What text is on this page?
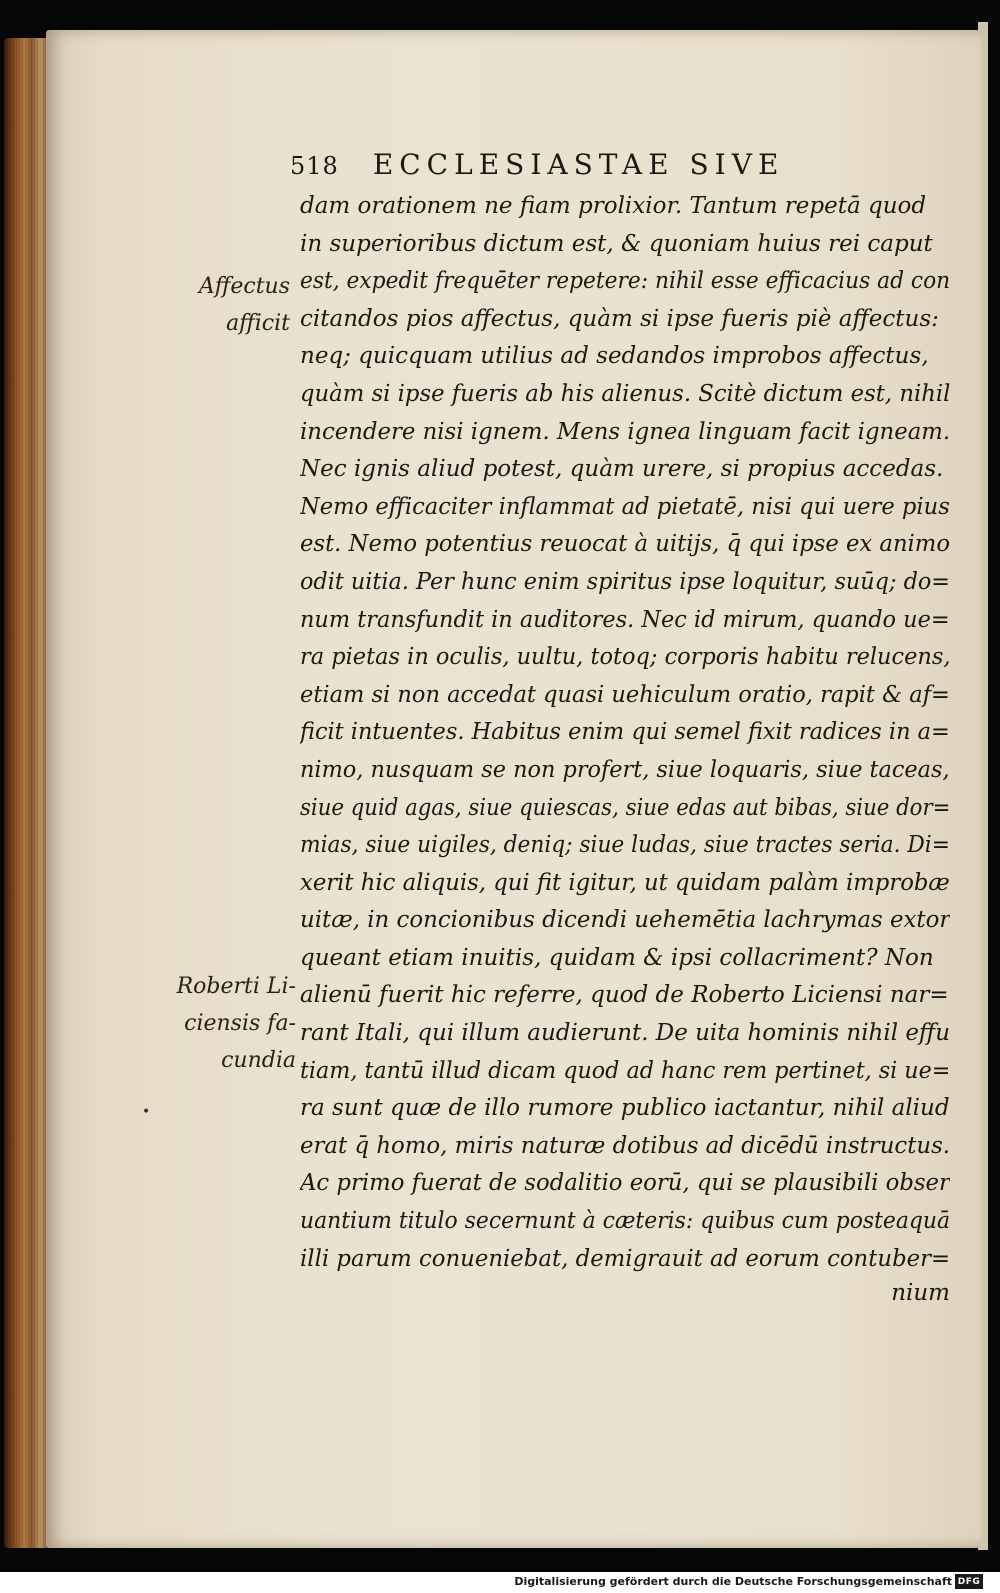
518 ECCLESIASTAE SIVE
Affectus
afficit
Roberti Li-
ciensis fa-
cundia
•
dam orationem ne fiam prolixior. Tantum repetā quod
in superioribus dictum est, & quoniam huius rei caput
est, expedit frequēter repetere: nihil esse efficacius ad con
citandos pios affectus, quàm si ipse fueris piè affectus:
neq; quicquam utilius ad sedandos improbos affectus,
quàm si ipse fueris ab his alienus. Scitè dictum est, nihil
incendere nisi ignem. Mens ignea linguam facit igneam.
Nec ignis aliud potest, quàm urere, si propius accedas.
Nemo efficaciter inflammat ad pietatē, nisi qui uere pius
est. Nemo potentius reuocat à uitijs, q̄ qui ipse ex animo
odit uitia. Per hunc enim spiritus ipse loquitur, suūq; do=
num transfundit in auditores. Nec id mirum, quando ue=
ra pietas in oculis, uultu, totoq; corporis habitu relucens,
etiam si non accedat quasi uehiculum oratio, rapit & af=
ficit intuentes. Habitus enim qui semel fixit radices in a=
nimo, nusquam se non profert, siue loquaris, siue taceas,
siue quid agas, siue quiescas, siue edas aut bibas, siue dor=
mias, siue uigiles, deniq; siue ludas, siue tractes seria. Di=
xerit hic aliquis, qui fit igitur, ut quidam palàm improbæ
uitæ, in concionibus dicendi uehemētia lachrymas extor
queant etiam inuitis, quidam & ipsi collacriment? Non
alienū fuerit hic referre, quod de Roberto Liciensi nar=
rant Itali, qui illum audierunt. De uita hominis nihil effu
tiam, tantū illud dicam quod ad hanc rem pertinet, si ue=
ra sunt quæ de illo rumore publico iactantur, nihil aliud
erat q̄ homo, miris naturæ dotibus ad dicēdū instructus.
Ac primo fuerat de sodalitio eorū, qui se plausibili obser
uantium titulo secernunt à cæteris: quibus cum posteaquā
illi parum conueniebat, demigrauit ad eorum contuber=
nium
Digitalisierung gefördert durch die Deutsche Forschungsgemeinschaft DFG
